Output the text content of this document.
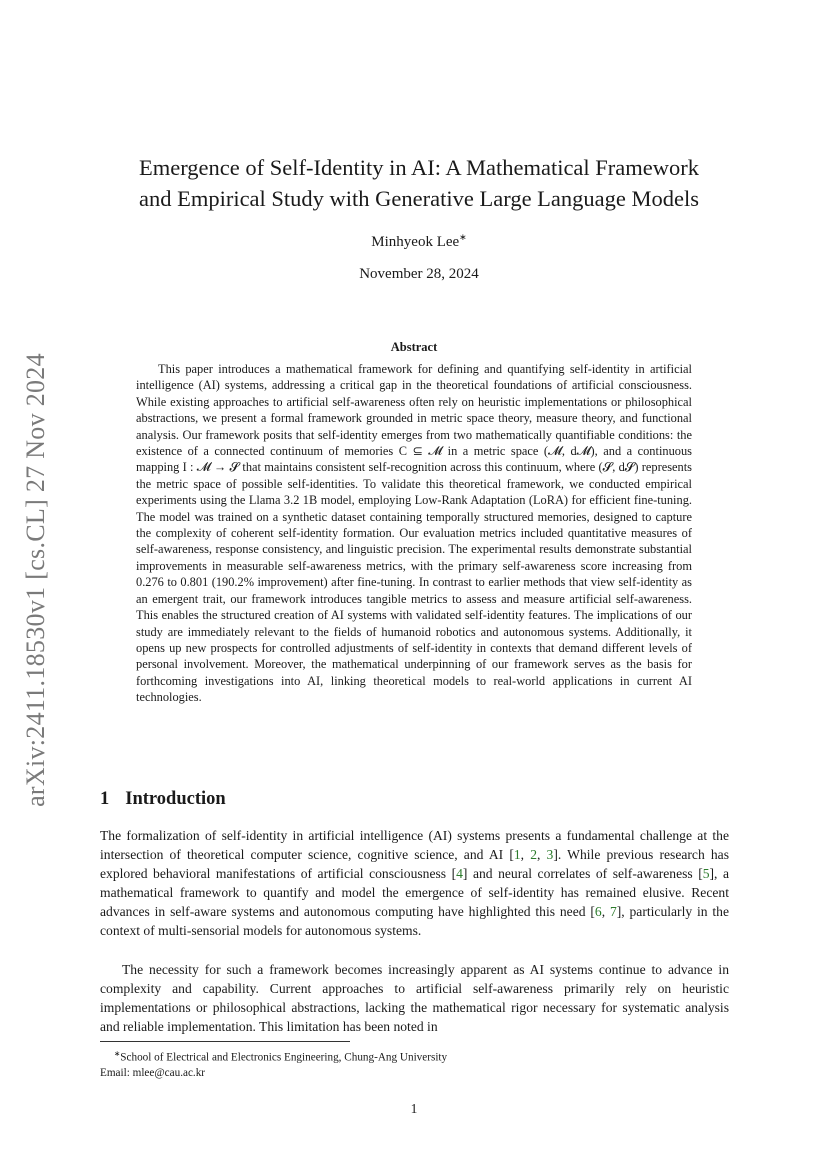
arXiv:2411.18530v1 [cs.CL] 27 Nov 2024
Emergence of Self-Identity in AI: A Mathematical Framework
and Empirical Study with Generative Large Language Models
Minhyeok Lee∗
November 28, 2024
Abstract
This paper introduces a mathematical framework for defining and quantifying self-identity in artificial intelligence (AI) systems, addressing a critical gap in the theoretical foundations of artificial consciousness. While existing approaches to artificial self-awareness often rely on heuristic implementations or philosophical abstractions, we present a formal framework grounded in metric space theory, measure theory, and functional analysis. Our framework posits that self-identity emerges from two mathematically quantifiable conditions: the existence of a connected continuum of memories C ⊆ 𝓜 in a metric space (𝓜, d𝓜), and a continuous mapping I : 𝓜 → 𝓢 that maintains consistent self-recognition across this continuum, where (𝓢, d𝓢) represents the metric space of possible self-identities. To validate this theoretical framework, we conducted empirical experiments using the Llama 3.2 1B model, employing Low-Rank Adaptation (LoRA) for efficient fine-tuning. The model was trained on a synthetic dataset containing temporally structured memories, designed to capture the complexity of coherent self-identity formation. Our evaluation metrics included quantitative measures of self-awareness, response consistency, and linguistic precision. The experimental results demonstrate substantial improvements in measurable self-awareness metrics, with the primary self-awareness score increasing from 0.276 to 0.801 (190.2% improvement) after fine-tuning. In contrast to earlier methods that view self-identity as an emergent trait, our framework introduces tangible metrics to assess and measure artificial self-awareness. This enables the structured creation of AI systems with validated self-identity features. The implications of our study are immediately relevant to the fields of humanoid robotics and autonomous systems. Additionally, it opens up new prospects for controlled adjustments of self-identity in contexts that demand different levels of personal involvement. Moreover, the mathematical underpinning of our framework serves as the basis for forthcoming investigations into AI, linking theoretical models to real-world applications in current AI technologies.
1 Introduction
The formalization of self-identity in artificial intelligence (AI) systems presents a fundamental challenge at the intersection of theoretical computer science, cognitive science, and AI [1, 2, 3]. While previous research has explored behavioral manifestations of artificial consciousness [4] and neural correlates of self-awareness [5], a mathematical framework to quantify and model the emergence of self-identity has remained elusive. Recent advances in self-aware systems and autonomous computing have highlighted this need [6, 7], particularly in the context of multi-sensorial models for autonomous systems.
The necessity for such a framework becomes increasingly apparent as AI systems continue to advance in complexity and capability. Current approaches to artificial self-awareness primarily rely on heuristic implementations or philosophical abstractions, lacking the mathematical rigor necessary for systematic analysis and reliable implementation. This limitation has been noted in
∗School of Electrical and Electronics Engineering, Chung-Ang University
Email: mlee@cau.ac.kr
1
